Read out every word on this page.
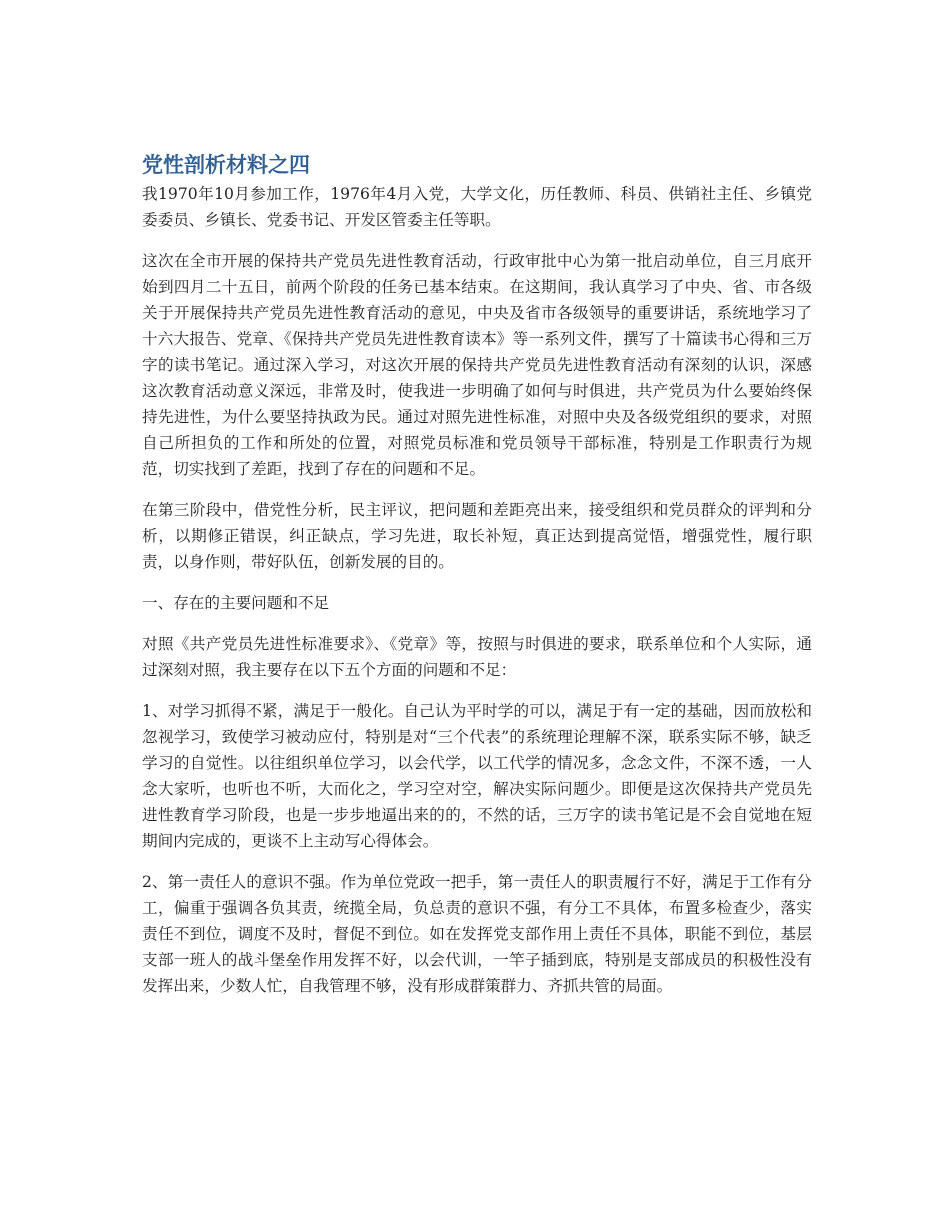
党性剖析材料之四

我1970年10月参加工作，1976年4月入党，大学文化，历任教师、科员、供销社主任、乡镇党委委员、乡镇长、党委书记、开发区管委主任等职。

这次在全市开展的保持共产党员先进性教育活动，行政审批中心为第一批启动单位，自三月底开始到四月二十五日，前两个阶段的任务已基本结束。在这期间，我认真学习了中央、省、市各级关于开展保持共产党员先进性教育活动的意见，中央及省市各级领导的重要讲话，系统地学习了十六大报告、党章、《保持共产党员先进性教育读本》等一系列文件，撰写了十篇读书心得和三万字的读书笔记。通过深入学习，对这次开展的保持共产党员先进性教育活动有深刻的认识，深感这次教育活动意义深远，非常及时，使我进一步明确了如何与时俱进，共产党员为什么要始终保持先进性，为什么要坚持执政为民。通过对照先进性标准，对照中央及各级党组织的要求，对照自己所担负的工作和所处的位置，对照党员标准和党员领导干部标准，特别是工作职责行为规范，切实找到了差距，找到了存在的问题和不足。

在第三阶段中，借党性分析，民主评议，把问题和差距亮出来，接受组织和党员群众的评判和分析，以期修正错误，纠正缺点，学习先进，取长补短，真正达到提高觉悟，增强党性，履行职责，以身作则，带好队伍，创新发展的目的。

一、存在的主要问题和不足

对照《共产党员先进性标准要求》、《党章》等，按照与时俱进的要求，联系单位和个人实际，通过深刻对照，我主要存在以下五个方面的问题和不足：

1、对学习抓得不紧，满足于一般化。自己认为平时学的可以，满足于有一定的基础，因而放松和忽视学习，致使学习被动应付，特别是对“三个代表”的系统理论理解不深，联系实际不够，缺乏学习的自觉性。以往组织单位学习，以会代学，以工代学的情况多，念念文件，不深不透，一人念大家听，也听也不听，大而化之，学习空对空，解决实际问题少。即便是这次保持共产党员先进性教育学习阶段，也是一步步地逼出来的的，不然的话，三万字的读书笔记是不会自觉地在短期间内完成的，更谈不上主动写心得体会。

2、第一责任人的意识不强。作为单位党政一把手，第一责任人的职责履行不好，满足于工作有分工，偏重于强调各负其责，统揽全局，负总责的意识不强，有分工不具体，布置多检查少，落实责任不到位，调度不及时，督促不到位。如在发挥党支部作用上责任不具体，职能不到位，基层支部一班人的战斗堡垒作用发挥不好，以会代训，一竿子插到底，特别是支部成员的积极性没有发挥出来，少数人忙，自我管理不够，没有形成群策群力、齐抓共管的局面。
